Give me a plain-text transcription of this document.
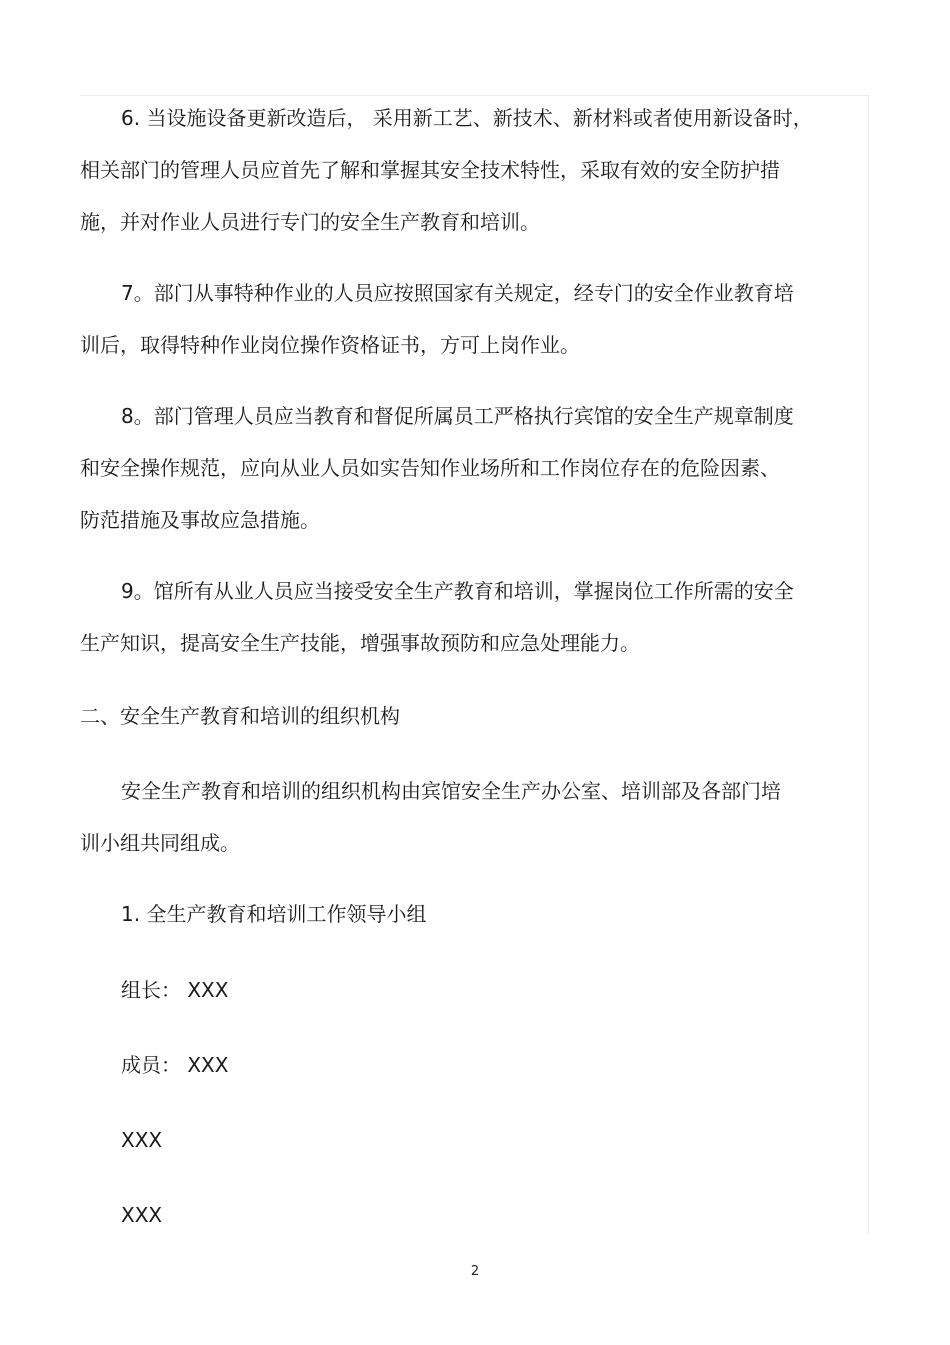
6. 当设施设备更新改造后， 采用新工艺、新技术、新材料或者使用新设备时，
相关部门的管理人员应首先了解和掌握其安全技术特性，采取有效的安全防护措
施，并对作业人员进行专门的安全生产教育和培训。
7。部门从事特种作业的人员应按照国家有关规定，经专门的安全作业教育培
训后，取得特种作业岗位操作资格证书，方可上岗作业。
8。部门管理人员应当教育和督促所属员工严格执行宾馆的安全生产规章制度
和安全操作规范，应向从业人员如实告知作业场所和工作岗位存在的危险因素、
防范措施及事故应急措施。
9。馆所有从业人员应当接受安全生产教育和培训，掌握岗位工作所需的安全
生产知识，提高安全生产技能，增强事故预防和应急处理能力。
二、安全生产教育和培训的组织机构
安全生产教育和培训的组织机构由宾馆安全生产办公室、培训部及各部门培
训小组共同组成。
1. 全生产教育和培训工作领导小组
组长： XXX
成员： XXX
XXX
XXX
2
